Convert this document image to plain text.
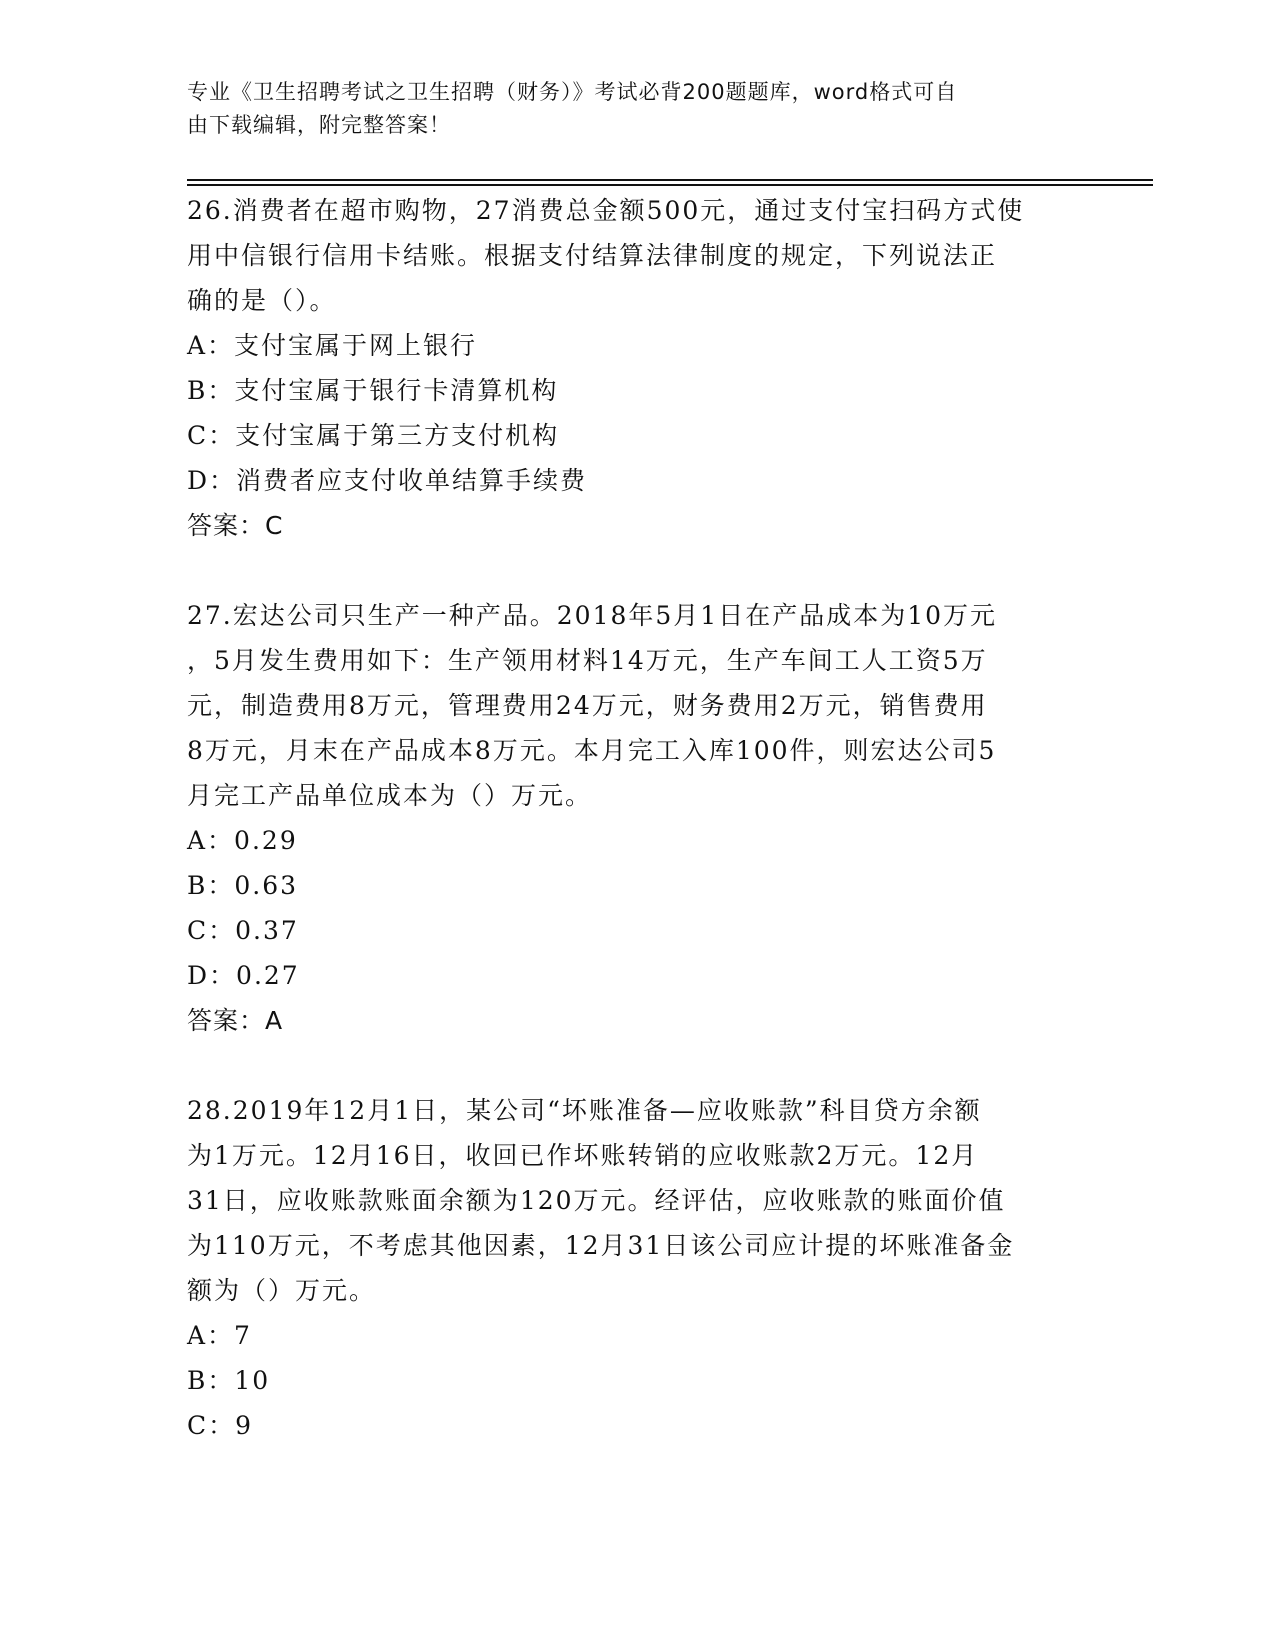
专业《卫生招聘考试之卫生招聘（财务）》考试必背200题题库，word格式可自
由下载编辑，附完整答案！
26.消费者在超市购物，27消费总金额500元，通过支付宝扫码方式使
用中信银行信用卡结账。根据支付结算法律制度的规定，下列说法正
确的是（）。
A：支付宝属于网上银行
B：支付宝属于银行卡清算机构
C：支付宝属于第三方支付机构
D：消费者应支付收单结算手续费
答案：C
27.宏达公司只生产一种产品。2018年5月1日在产品成本为10万元
，5月发生费用如下：生产领用材料14万元，生产车间工人工资5万
元，制造费用8万元，管理费用24万元，财务费用2万元，销售费用
8万元，月末在产品成本8万元。本月完工入库100件，则宏达公司5
月完工产品单位成本为（）万元。
A：0.29
B：0.63
C：0.37
D：0.27
答案：A
28.2019年12月1日，某公司“坏账准备—应收账款”科目贷方余额
为1万元。12月16日，收回已作坏账转销的应收账款2万元。12月
31日，应收账款账面余额为120万元。经评估，应收账款的账面价值
为110万元，不考虑其他因素，12月31日该公司应计提的坏账准备金
额为（）万元。
A：7
B：10
C：9
